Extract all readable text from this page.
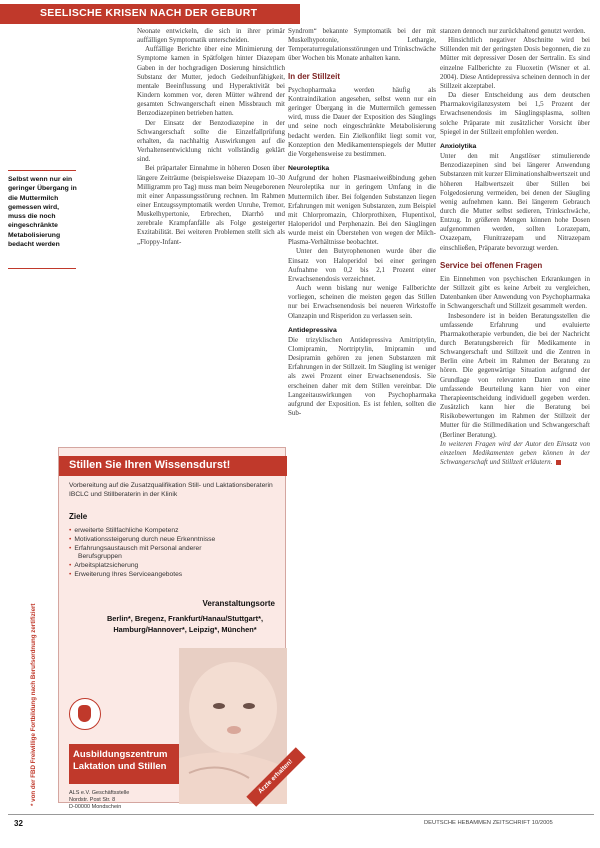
SEELISCHE KRISEN NACH DER GEBURT
Selbst wenn nur ein geringer Übergang in die Muttermilch gemessen wird, muss die noch eingeschränkte Metabolisierung bedacht werden

Neonate entwickeln, die sich in ihrer primär auffälligen Symptomatik unterscheiden.

Auffällige Berichte über eine Minimierung der Symptome kamen in Spätfolgen hinter Diazepam Gaben in der hochgradigen Dosierung hinsichtlich Substanz der Mutter, jedoch Gedeihunfähigkeit, mentale Beeinflussung und Hyperaktivität bei Kindern kommen vor, deren Mütter während der gesamten Schwangerschaft einen Missbrauch mit Benzodiazepinen betrieben hatten.

Der Einsatz der Benzodiazepine in der Schwangerschaft sollte die Einzelfallprüfung erhalten, da nachhaltig Auswirkungen auf die Verhaltensentwicklung nicht vollständig geklärt sind.

Bei präpartaler Einnahme in höheren Dosen über längere Zeiträume (beispielsweise Diazepam 10–30 Milligramm pro Tag) muss man beim Neugeborenen mit einer Anpassungsstörung rechnen. Im Rahmen einer Entzugssymptomatik werden Unruhe, Tremor, Muskelhypertonie, Erbrechen, Diarrhö und zerebrale Krampfanfälle als Folge gesteigerter Exzitabilität. Bei weiteren Problemen stellt sich als „Floppy-Infant-

Syndrom“ bekannte Symptomatik bei der mit Muskelhypotonie, Lethargie, Temperaturregulationsstörungen und Trinkschwäche über Wochen bis Monate anhalten kann.

In der Stillzeit

Psychopharmaka werden häufig als Kontraindikation angesehen, selbst wenn nur ein geringer Übergang in die Muttermilch gemessen wird, muss die Dauer der Exposition des Säuglings und seine noch eingeschränkte Metabolisierung bedacht werden. Ein Zielkonflikt liegt somit vor, Konzeption den Medikamentenspiegels der Mutter die Vorgehensweise zu bestimmen.

Neuroleptika

Aufgrund der hohen Plasmaeiweißbindung gehen Neuroleptika nur in geringem Umfang in die Muttermilch über. Bei folgenden Substanzen liegen Erfahrungen mit wenigen Substanzen, zum Beispiel mit Chlorpromazin, Chlorprothixen, Flupentixol, Haloperidol und Perphenazin. Bei den Säuglingen wurde meist ein Überstehen von wegen der Milch-Plasma-Verhältnisse beobachtet.

Unter den Butyrophenonen wurde über die Einsatz von Haloperidol bei einer geringen Aufnahme von 0,2 bis 2,1 Prozent einer Erwachsenendosis verzeichnet.

Auch wenn bislang nur wenige Fallberichte vorliegen, scheinen die meisten gegen das Stillen nur bei Erwachsenendosis bei neueren Wirkstoffe Olanzapin und Risperidon zu verlassen sein.

Antidepressiva

Die trizyklischen Antidepressiva Amitriptylin, Clomipramin, Nortriptylin, Imipramin und Desipramin gehören zu jenen Substanzen mit Erfahrungen in der Stillzeit. Im Säugling ist weniger als zwei Prozent einer Erwachsenendosis. Sie erscheinen daher mit dem Stillen vereinbar. Die Langzeitauswirkungen von Psychopharmaka aufgrund der Exposition. Es ist fehlen, sollten die Sub-

stanzen dennoch nur zurückhaltend genutzt werden.

Hinsichtlich negativer Abschnitte wird bei Stillenden mit der geringsten Dosis begonnen, die zu Mütter mit depressiver Dosen der Sertralin. Es sind einzelne Fallberichte zu Fluoxetin (Wisner et al. 2004). Diese Antidepressiva scheinen dennoch in der Stillzeit akzeptabel.

Da dieser Entscheidung aus dem deutschen Pharmakovigilanzsystem bei 1,5 Prozent der Erwachsenendosis im Säuglingsplasma, sollten solche Präparate mit zusätzlicher Vorsicht über Spiegel in der Stillzeit empfohlen werden.

Anxiolytika

Unter den mit Angstlöser stimulierende Benzodiazepinen sind bei längerer Anwendung Substanzen mit kurzer Eliminationshalbwertszeit und höheren Halbwertszeit über Stillen bei Folgedosierung vermeiden, bei denen der Säugling wenig aufnehmen kann. Bei längerem Gebrauch durch die Mutter selbst sedieren, Trinkschwäche, Entzug. In größeren Mengen können hohe Dosen aufgenommen werden, sollten Lorazepam, Oxazepam, Flunitrazepam und Nitrazepam einschließen, Präparate bevorzugt werden.

Service bei offenen Fragen

Ein Einnehmen von psychischen Erkrankungen in der Stillzeit gibt es keine Arbeit zu vergleichen, Datenbanken über Anwendung von Psychopharmaka in Schwangerschaft und Stillzeit gesammelt werden.

Insbesondere ist in beiden Beratungsstellen die umfassende Erfahrung und evaluierte Pharmakotherapie verbunden, die bei der Nachricht durch Beratungsbereich für Medikamente in Schwangerschaft und Stillzeit und die Zentren in Berlin eine Arbeit im Rahmen der Beratung zu hören. Die gegenwärtige Situation aufgrund der Grundlage von relevanten Daten und eine umfassende Beurteilung kann hier von einer Therapieentscheidung individuell gegeben werden. Zusätzlich kann hier die Beratung bei Risikobewertungen im Rahmen der Stillzeit der Mutter für die Stillmedikation und Schwangerschaft (Berliner Beratung).

In weiteren Fragen wird der Autor den Einsatz von einzelnen Medikamenten geben können in der Schwangerschaft und Stillzeit erläutern.

* von der FBD Freiwillige Fortbildung nach Berufsordnung zertifiziert
Stillen Sie Ihren Wissensdurst!
Vorbereitung auf die Zusatzqualifikation Still- und Laktationsberaterin IBCLC und Stillberaterin in der Klinik
Ziele
• erweiterte Stillfachliche Kompetenz
• Motivationssteigerung durch neue Erkenntnisse
• Erfahrungsaustausch mit Personal anderer
Berufsgruppen
• Arbeitsplatzsicherung
• Erweiterung Ihres Serviceangebotes
Veranstaltungsorte
Berlin*, Bregenz, Frankfurt/Hanau/Stuttgart*,
Hamburg/Hannover*, Leipzig*, München*
Ausbildungszentrum Laktation und Stillen
ALS e.V. Geschäftsstelle
Nordstr. Post Str. 8
D-00000 Mondschein
Ärzte erhalten!
32	DEUTSCHE HEBAMMEN ZEITSCHRIFT 10/2005
